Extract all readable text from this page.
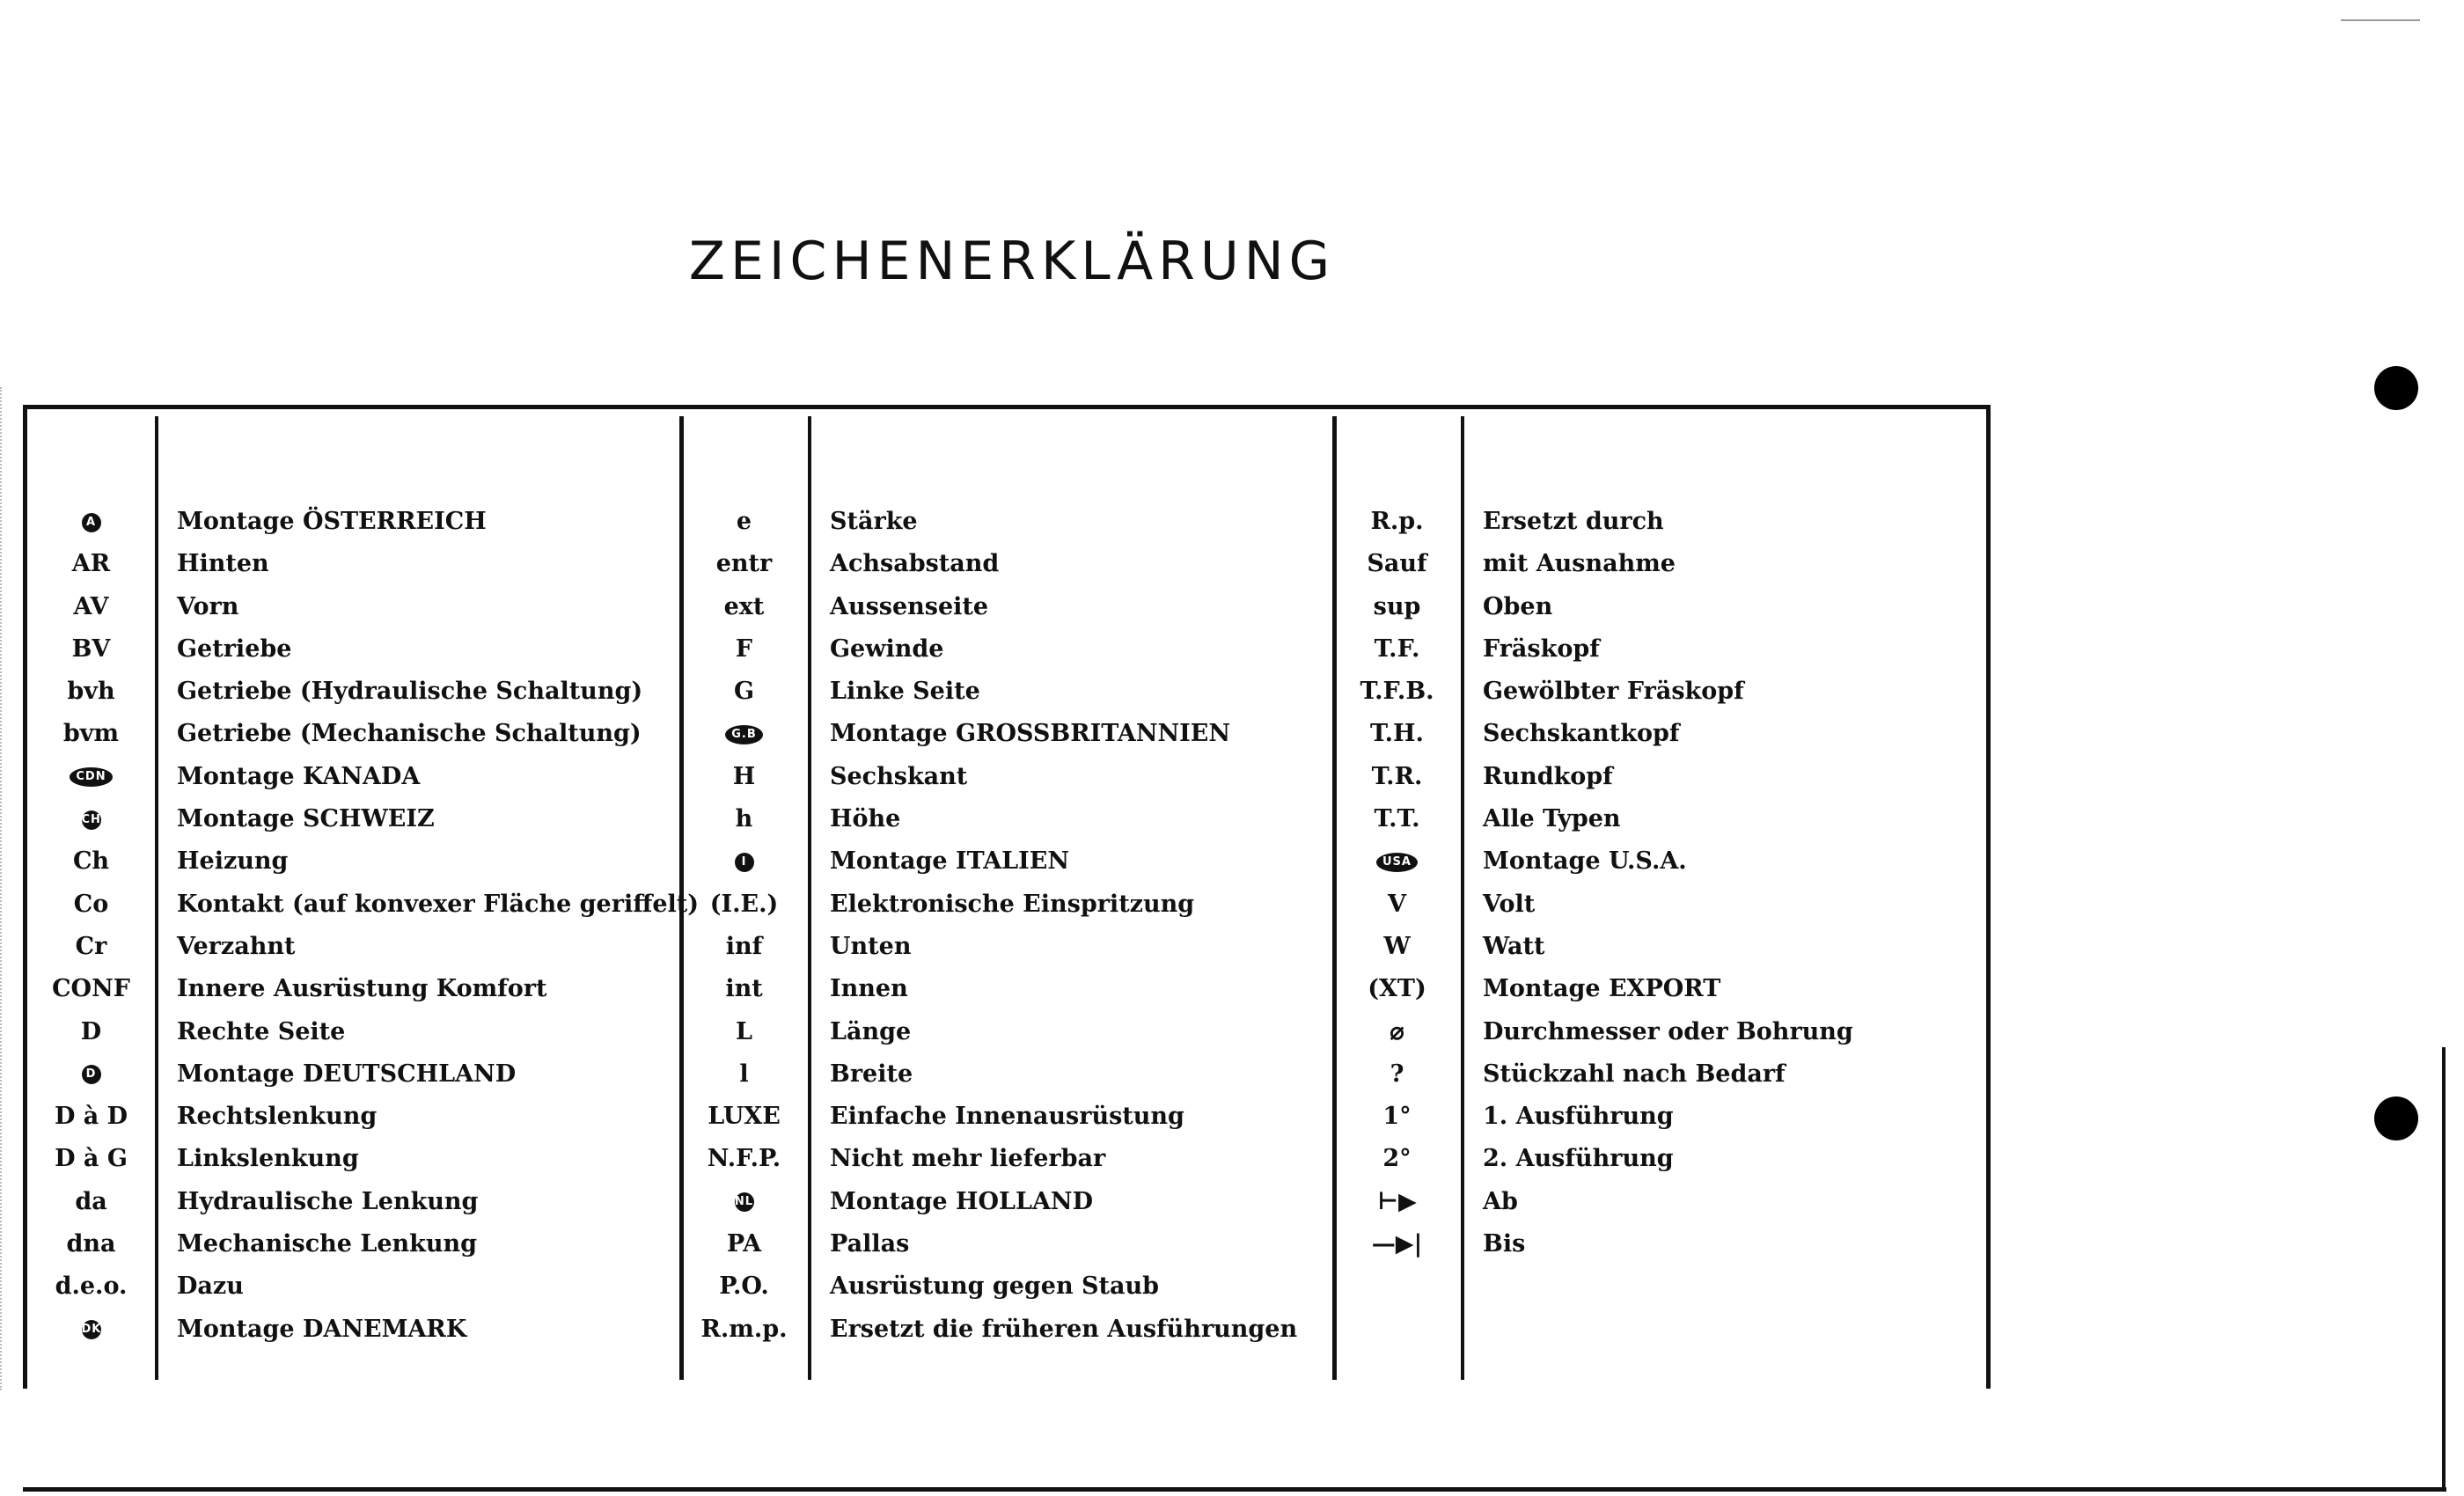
ZEICHENERKLÄRUNG
A	Montage ÖSTERREICH
AR	Hinten
AV	Vorn
BV	Getriebe
bvh	Getriebe (Hydraulische Schaltung)
bvm	Getriebe (Mechanische Schaltung)
CDN	Montage KANADA
CH	Montage SCHWEIZ
Ch	Heizung
Co	Kontakt (auf konvexer Fläche geriffelt)
Cr	Verzahnt
CONF	Innere Ausrüstung Komfort
D	Rechte Seite
D	Montage DEUTSCHLAND
D à D	Rechtslenkung
D à G	Linkslenkung
da	Hydraulische Lenkung
dna	Mechanische Lenkung
d.e.o.	Dazu
DK	Montage DANEMARK
e	Stärke
entr	Achsabstand
ext	Aussenseite
F	Gewinde
G	Linke Seite
G.B	Montage GROSSBRITANNIEN
H	Sechskant
h	Höhe
I	Montage ITALIEN
(I.E.)	Elektronische Einspritzung
inf	Unten
int	Innen
L	Länge
l	Breite
LUXE	Einfache Innenausrüstung
N.F.P.	Nicht mehr lieferbar
NL	Montage HOLLAND
PA	Pallas
P.O.	Ausrüstung gegen Staub
R.m.p.	Ersetzt die früheren Ausführungen
R.p.	Ersetzt durch
Sauf	mit Ausnahme
sup	Oben
T.F.	Fräskopf
T.F.B.	Gewölbter Fräskopf
T.H.	Sechskantkopf
T.R.	Rundkopf
T.T.	Alle Typen
USA	Montage U.S.A.
V	Volt
W	Watt
(XT)	Montage EXPORT
⌀	Durchmesser oder Bohrung
?	Stückzahl nach Bedarf
1°	1. Ausführung
2°	2. Ausführung
⊢▶	Ab
—▶|	Bis
